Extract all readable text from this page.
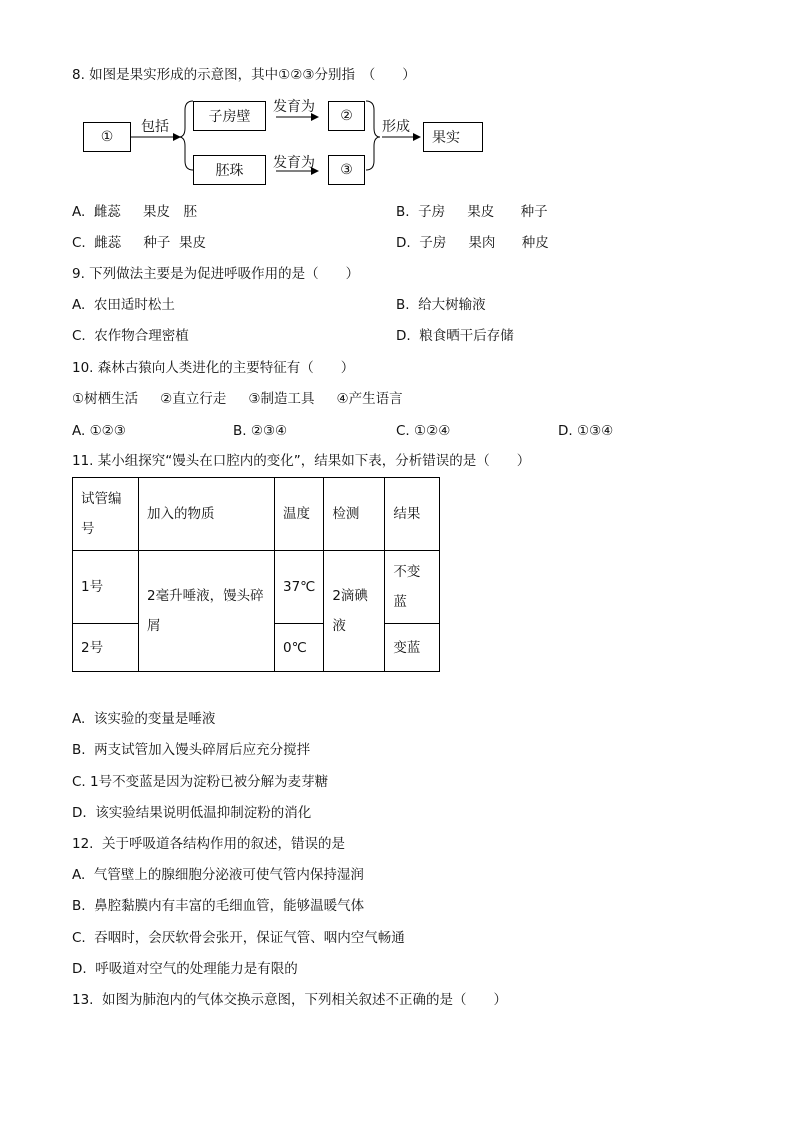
8. 如图是果实形成的示意图，其中①②③分别指　（　　）
①
包括
子房壁
胚珠
发育为
发育为
②
③
形成
果实
A.  雌蕊　  果皮　胚	B.  子房　  果皮　   种子
C.  雌蕊　  种子  果皮	D.  子房　  果肉　   种皮
9. 下列做法主要是为促进呼吸作用的是（　　）
A.  农田适时松土	B.  给大树输液
C.  农作物合理密植	D.  粮食晒干后存储
10. 森林古猿向人类进化的主要特征有（　　）
①树栖生活　  ②直立行走　  ③制造工具　  ④产生语言
A. ①②③	B. ②③④	C. ①②④	D. ①③④
11. 某小组探究“馒头在口腔内的变化”，结果如下表，分析错误的是（　　）
试管编号	加入的物质	温度	检测	结果
1号	2毫升唾液，馒头碎屑	37℃	2滴碘液	不变蓝
2号		0℃		变蓝
A.  该实验的变量是唾液
B.  两支试管加入馒头碎屑后应充分搅拌
C. 1号不变蓝是因为淀粉已被分解为麦芽糖
D.  该实验结果说明低温抑制淀粉的消化
12.  关于呼吸道各结构作用的叙述，错误的是
A.  气管壁上的腺细胞分泌液可使气管内保持湿润
B.  鼻腔黏膜内有丰富的毛细血管，能够温暖气体
C.  吞咽时，会厌软骨会张开，保证气管、咽内空气畅通
D.  呼吸道对空气的处理能力是有限的
13.  如图为肺泡内的气体交换示意图，下列相关叙述不正确的是（　　）
